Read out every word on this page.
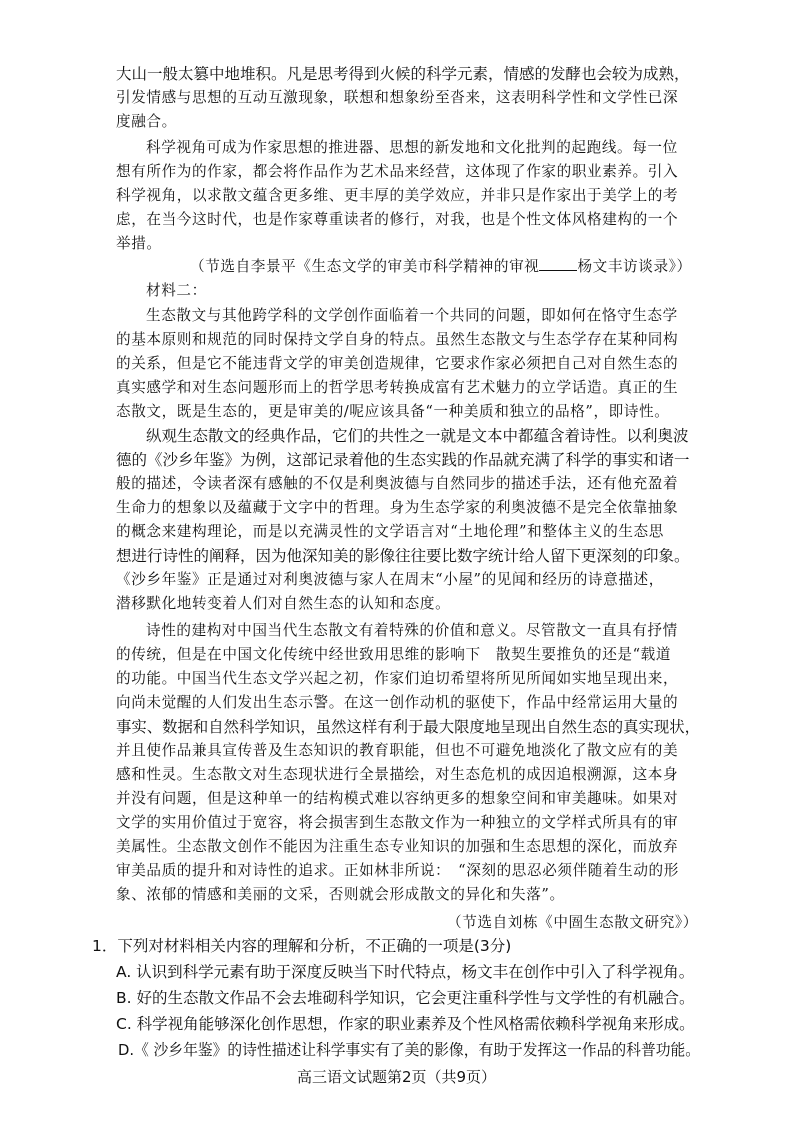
大山一般太篡中地堆积。凡是思考得到火候的科学元素，情感的发酵也会较为成熟，
引发情感与思想的互动互激现象，联想和想象纷至沓来，这表明科学性和文学性已深
度融合。
科学视角可成为作家思想的推进器、思想的新发地和文化批判的起跑线。每一位
想有所作为的作家，都会将作品作为艺术品来经营，这体现了作家的职业素养。引入
科学视角，以求散文蕴含更多维、更丰厚的美学效应，并非只是作家出于美学上的考
虑，在当今这时代，也是作家尊重读者的修行，对我，也是个性文体风格建构的一个
举措。
（节选自李景平《生态文学的审美市科学精神的审视	杨文丰访谈录》）
材料二：
生态散文与其他跨学科的文学创作面临着一个共同的问题，即如何在恪守生态学
的基本原则和规范的同时保持文学自身的特点。虽然生态散文与生态学存在某种同构
的关系，但是它不能违背文学的审美创造规律，它要求作家必须把自己对自然生态的
真实感学和对生态问题形而上的哲学思考转换成富有艺术魅力的立学话造。真正的生
态散文，既是生态的，更是审美的/呢应该具备“一种美质和独立的品格”，即诗性。
纵观生态散文的经典作品，它们的共性之一就是文本中都蕴含着诗性。以利奥波
德的《沙乡年鉴》为例，这部记录着他的生态实践的作品就充满了科学的事实和诸一
般的描述，令读者深有感触的不仅是利奥波德与自然同步的描述手法，还有他充盈着
生命力的想象以及蕴藏于文字中的哲理。身为生态学家的利奥波德不是完全依靠抽象
的概念来建构理论，而是以充满灵性的文学语言对“土地伦理”和整体主义的生态思
想进行诗性的阐释，因为他深知美的影像往往要比数字统计给人留下更深刻的印象。
《沙乡年鉴》正是通过对利奥波德与家人在周末“小屋”的见闻和经历的诗意描述，
潜移默化地转变着人们对自然生态的认知和态度。
诗性的建构对中国当代生态散文有着特殊的价值和意义。尽管散文一直具有抒情
的传统，但是在中国文化传统中经世致用思维的影响下　散契生要推负的还是“载道
的功能。中国当代生态文学兴起之初，作家们迫切希望将所见所闻如实地呈现出来，
向尚未觉醒的人们发出生态示警。在这一创作动机的驱使下，作品中经常运用大量的
事实、数据和自然科学知识，虽然这样有利于最大限度地呈现出自然生态的真实现状，
并且使作品兼具宣传普及生态知识的教育职能，但也不可避免地淡化了散文应有的美
感和性灵。生态散文对生态现状进行全景描绘，对生态危机的成因追根溯源，这本身
并没有问题，但是这种单一的结构模式难以容纳更多的想象空间和审美趣味。如果对
文学的实用价值过于宽容，将会损害到生态散文作为一种独立的文学样式所具有的审
美属性。尘态散文创作不能因为注重生态专业知识的加强和生态思想的深化，而放弃
审美品质的提升和对诗性的追求。正如林非所说：　“深刻的思忍必须伴随着生动的形
象、浓郁的情感和美丽的文采，否则就会形成散文的异化和失落”。
（节选自刘栋《中圄生态散文研究》）
1．下列对材料相关内容的理解和分析，不正确的一项是(3分)
A. 认识到科学元素有助于深度反映当下时代特点，杨文丰在创作中引入了科学视角。
B. 好的生态散文作品不会去堆砌科学知识，它会更注重科学性与文学性的有机融合。
C. 科学视角能够深化创作思想，作家的职业素养及个性风格需依赖科学视角来形成。
D.《 沙乡年鉴》的诗性描述让科学事实有了美的影像，有助于发挥这一作品的科普功能。
高三语文试题第2页（共9页）
